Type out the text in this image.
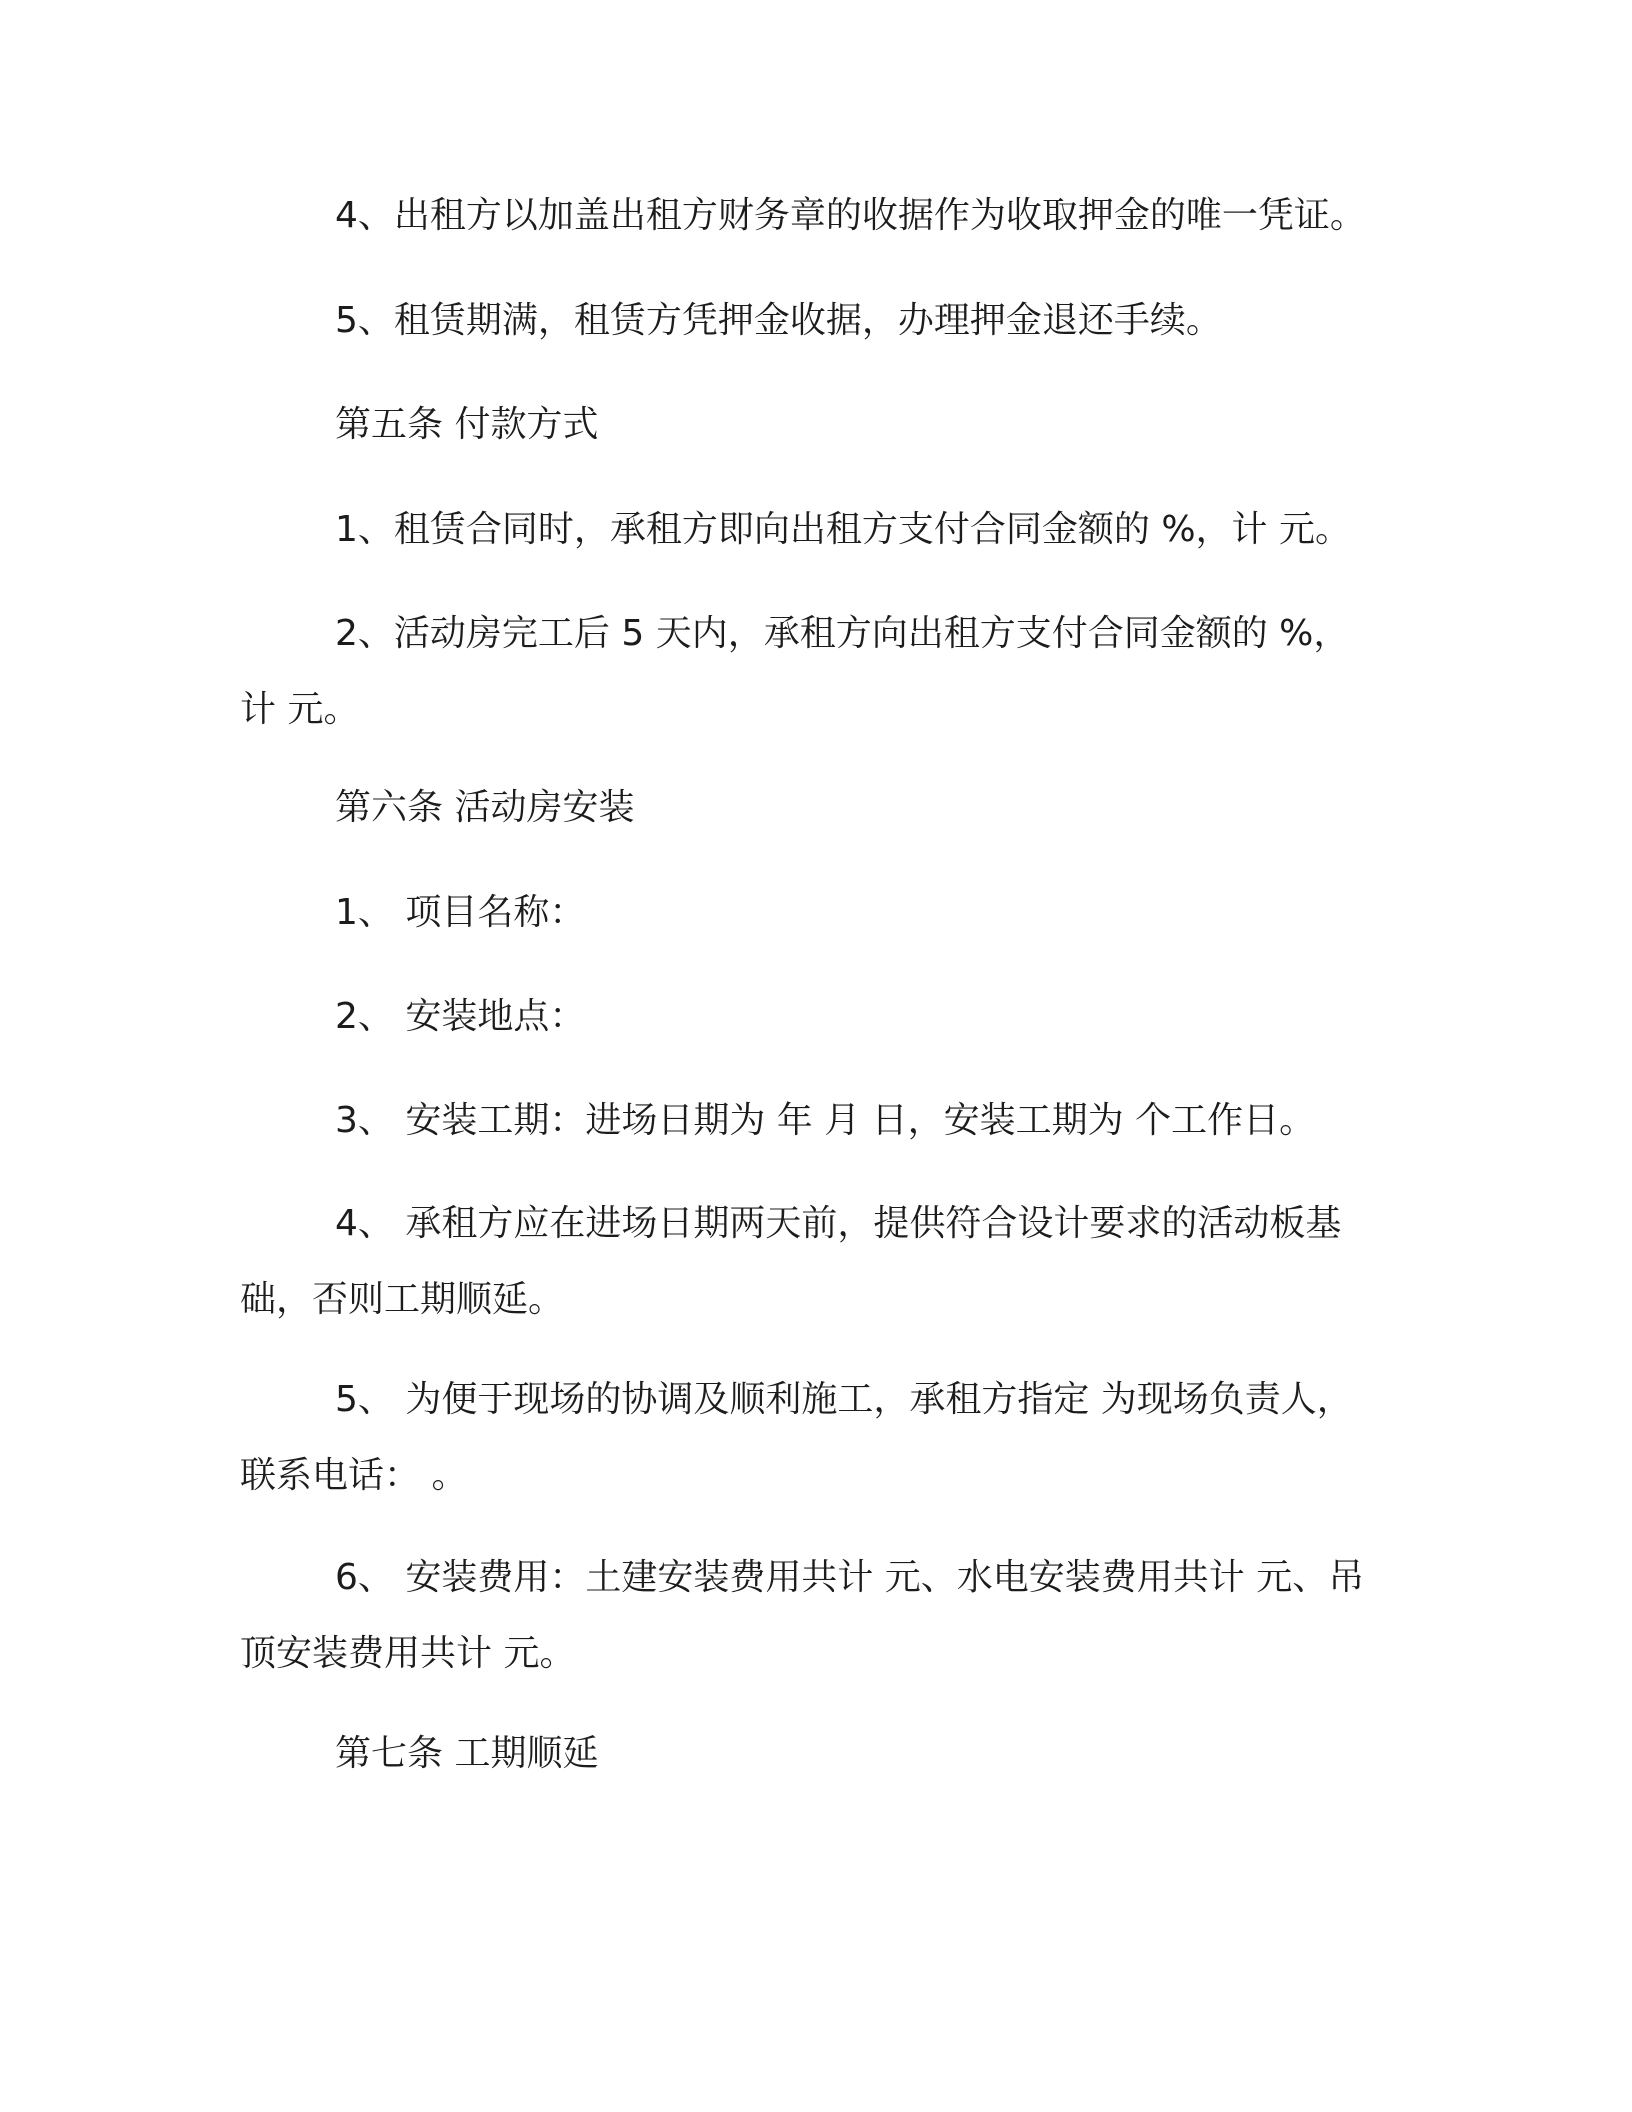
4、出租方以加盖出租方财务章的收据作为收取押金的唯一凭证。

5、租赁期满，租赁方凭押金收据，办理押金退还手续。

第五条 付款方式

1、租赁合同时，承租方即向出租方支付合同金额的 %，计 元。

2、活动房完工后 5 天内，承租方向出租方支付合同金额的 %，计 元。

第六条 活动房安装

1、 项目名称：

2、 安装地点：

3、 安装工期：进场日期为 年 月 日，安装工期为 个工作日。

4、 承租方应在进场日期两天前，提供符合设计要求的活动板基础，否则工期顺延。

5、 为便于现场的协调及顺利施工，承租方指定 为现场负责人，联系电话： 。

6、 安装费用：土建安装费用共计 元、水电安装费用共计 元、吊顶安装费用共计 元。

第七条 工期顺延
